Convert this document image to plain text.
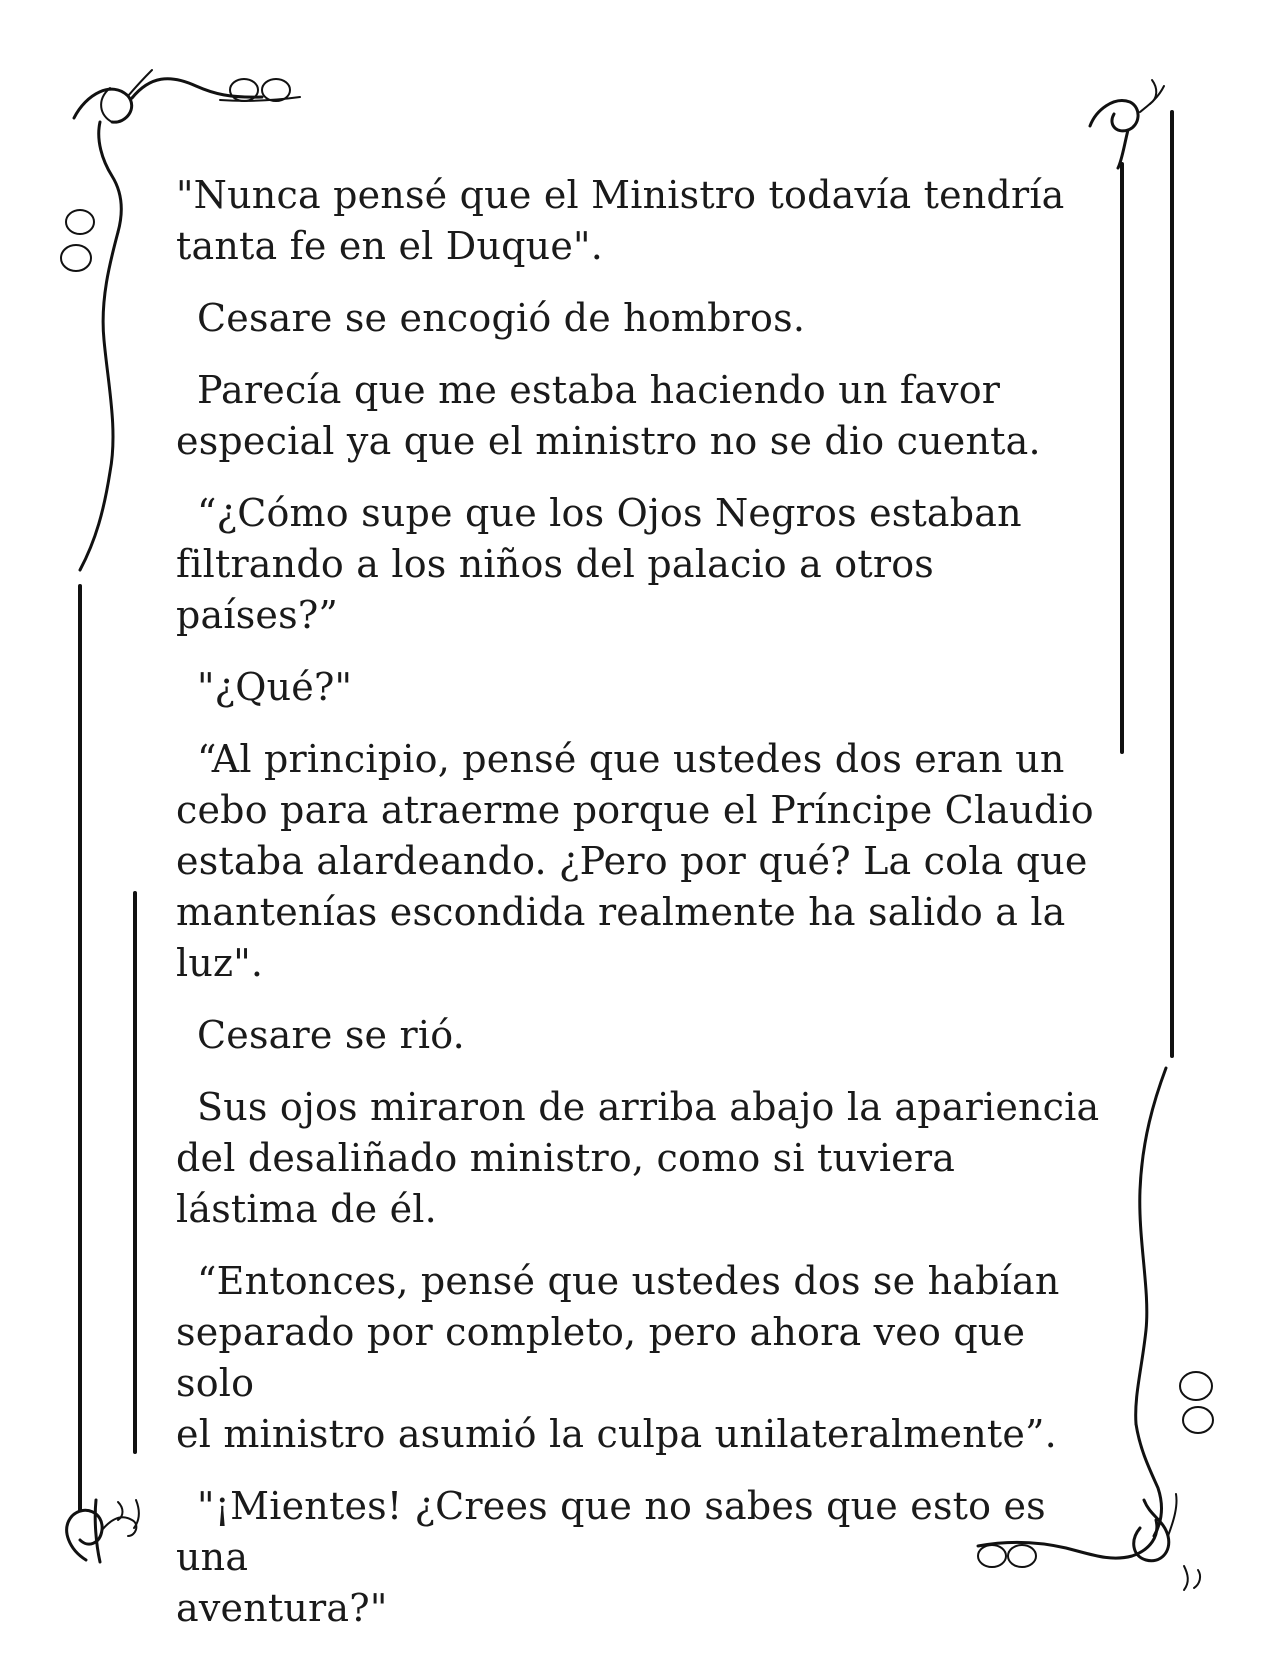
"Nunca pensé que el Ministro todavía tendría
tanta fe en el Duque".

Cesare se encogió de hombros.

Parecía que me estaba haciendo un favor
especial ya que el ministro no se dio cuenta.

“¿Cómo supe que los Ojos Negros estaban
filtrando a los niños del palacio a otros países?”

"¿Qué?"

“Al principio, pensé que ustedes dos eran un
cebo para atraerme porque el Príncipe Claudio
estaba alardeando. ¿Pero por qué? La cola que
mantenías escondida realmente ha salido a la
luz".

Cesare se rió.

Sus ojos miraron de arriba abajo la apariencia
del desaliñado ministro, como si tuviera
lástima de él.

“Entonces, pensé que ustedes dos se habían
separado por completo, pero ahora veo que solo
el ministro asumió la culpa unilateralmente”.

"¡Mientes! ¿Crees que no sabes que esto es una
aventura?"
